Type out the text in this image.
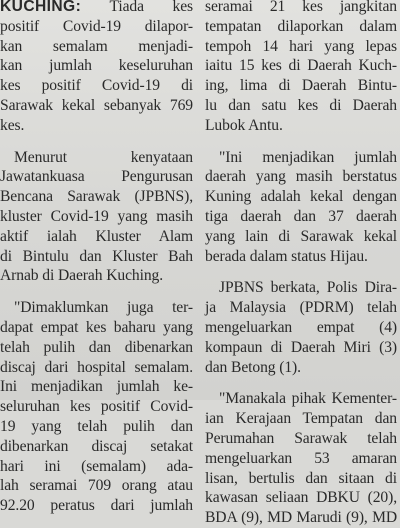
KUCHING: Tiada kes
positif Covid-19 dilapor-
kan semalam menjadi-
kan jumlah keseluruhan
kes positif Covid-19 di
Sarawak kekal sebanyak 769
kes.

Menurut kenyataan
Jawatankuasa Pengurusan
Bencana Sarawak (JPBNS),
kluster Covid-19 yang masih
aktif ialah Kluster Alam
di Bintulu dan Kluster Bah
Arnab di Daerah Kuching.

"Dimaklumkan juga ter-
dapat empat kes baharu yang
telah pulih dan dibenarkan
discaj dari hospital semalam.
Ini menjadikan jumlah ke-
seluruhan kes positif Covid-
19 yang telah pulih dan
dibenarkan discaj setakat
hari ini (semalam) ada-
lah seramai 709 orang atau
92.20 peratus dari jumlah

seramai 21 kes jangkitan
tempatan dilaporkan dalam
tempoh 14 hari yang lepas
iaitu 15 kes di Daerah Kuch-
ing, lima di Daerah Bintu-
lu dan satu kes di Daerah
Lubok Antu.

"Ini menjadikan jumlah
daerah yang masih berstatus
Kuning adalah kekal dengan
tiga daerah dan 37 daerah
yang lain di Sarawak kekal
berada dalam status Hijau.

JPBNS berkata, Polis Dira-
ja Malaysia (PDRM) telah
mengeluarkan empat (4)
kompaun di Daerah Miri (3)
dan Betong (1).

"Manakala pihak Kementer-
ian Kerajaan Tempatan dan
Perumahan Sarawak telah
mengeluarkan 53 amaran
lisan, bertulis dan sitaan di
kawasan seliaan DBKU (20),
BDA (9), MD Marudi (9), MD
